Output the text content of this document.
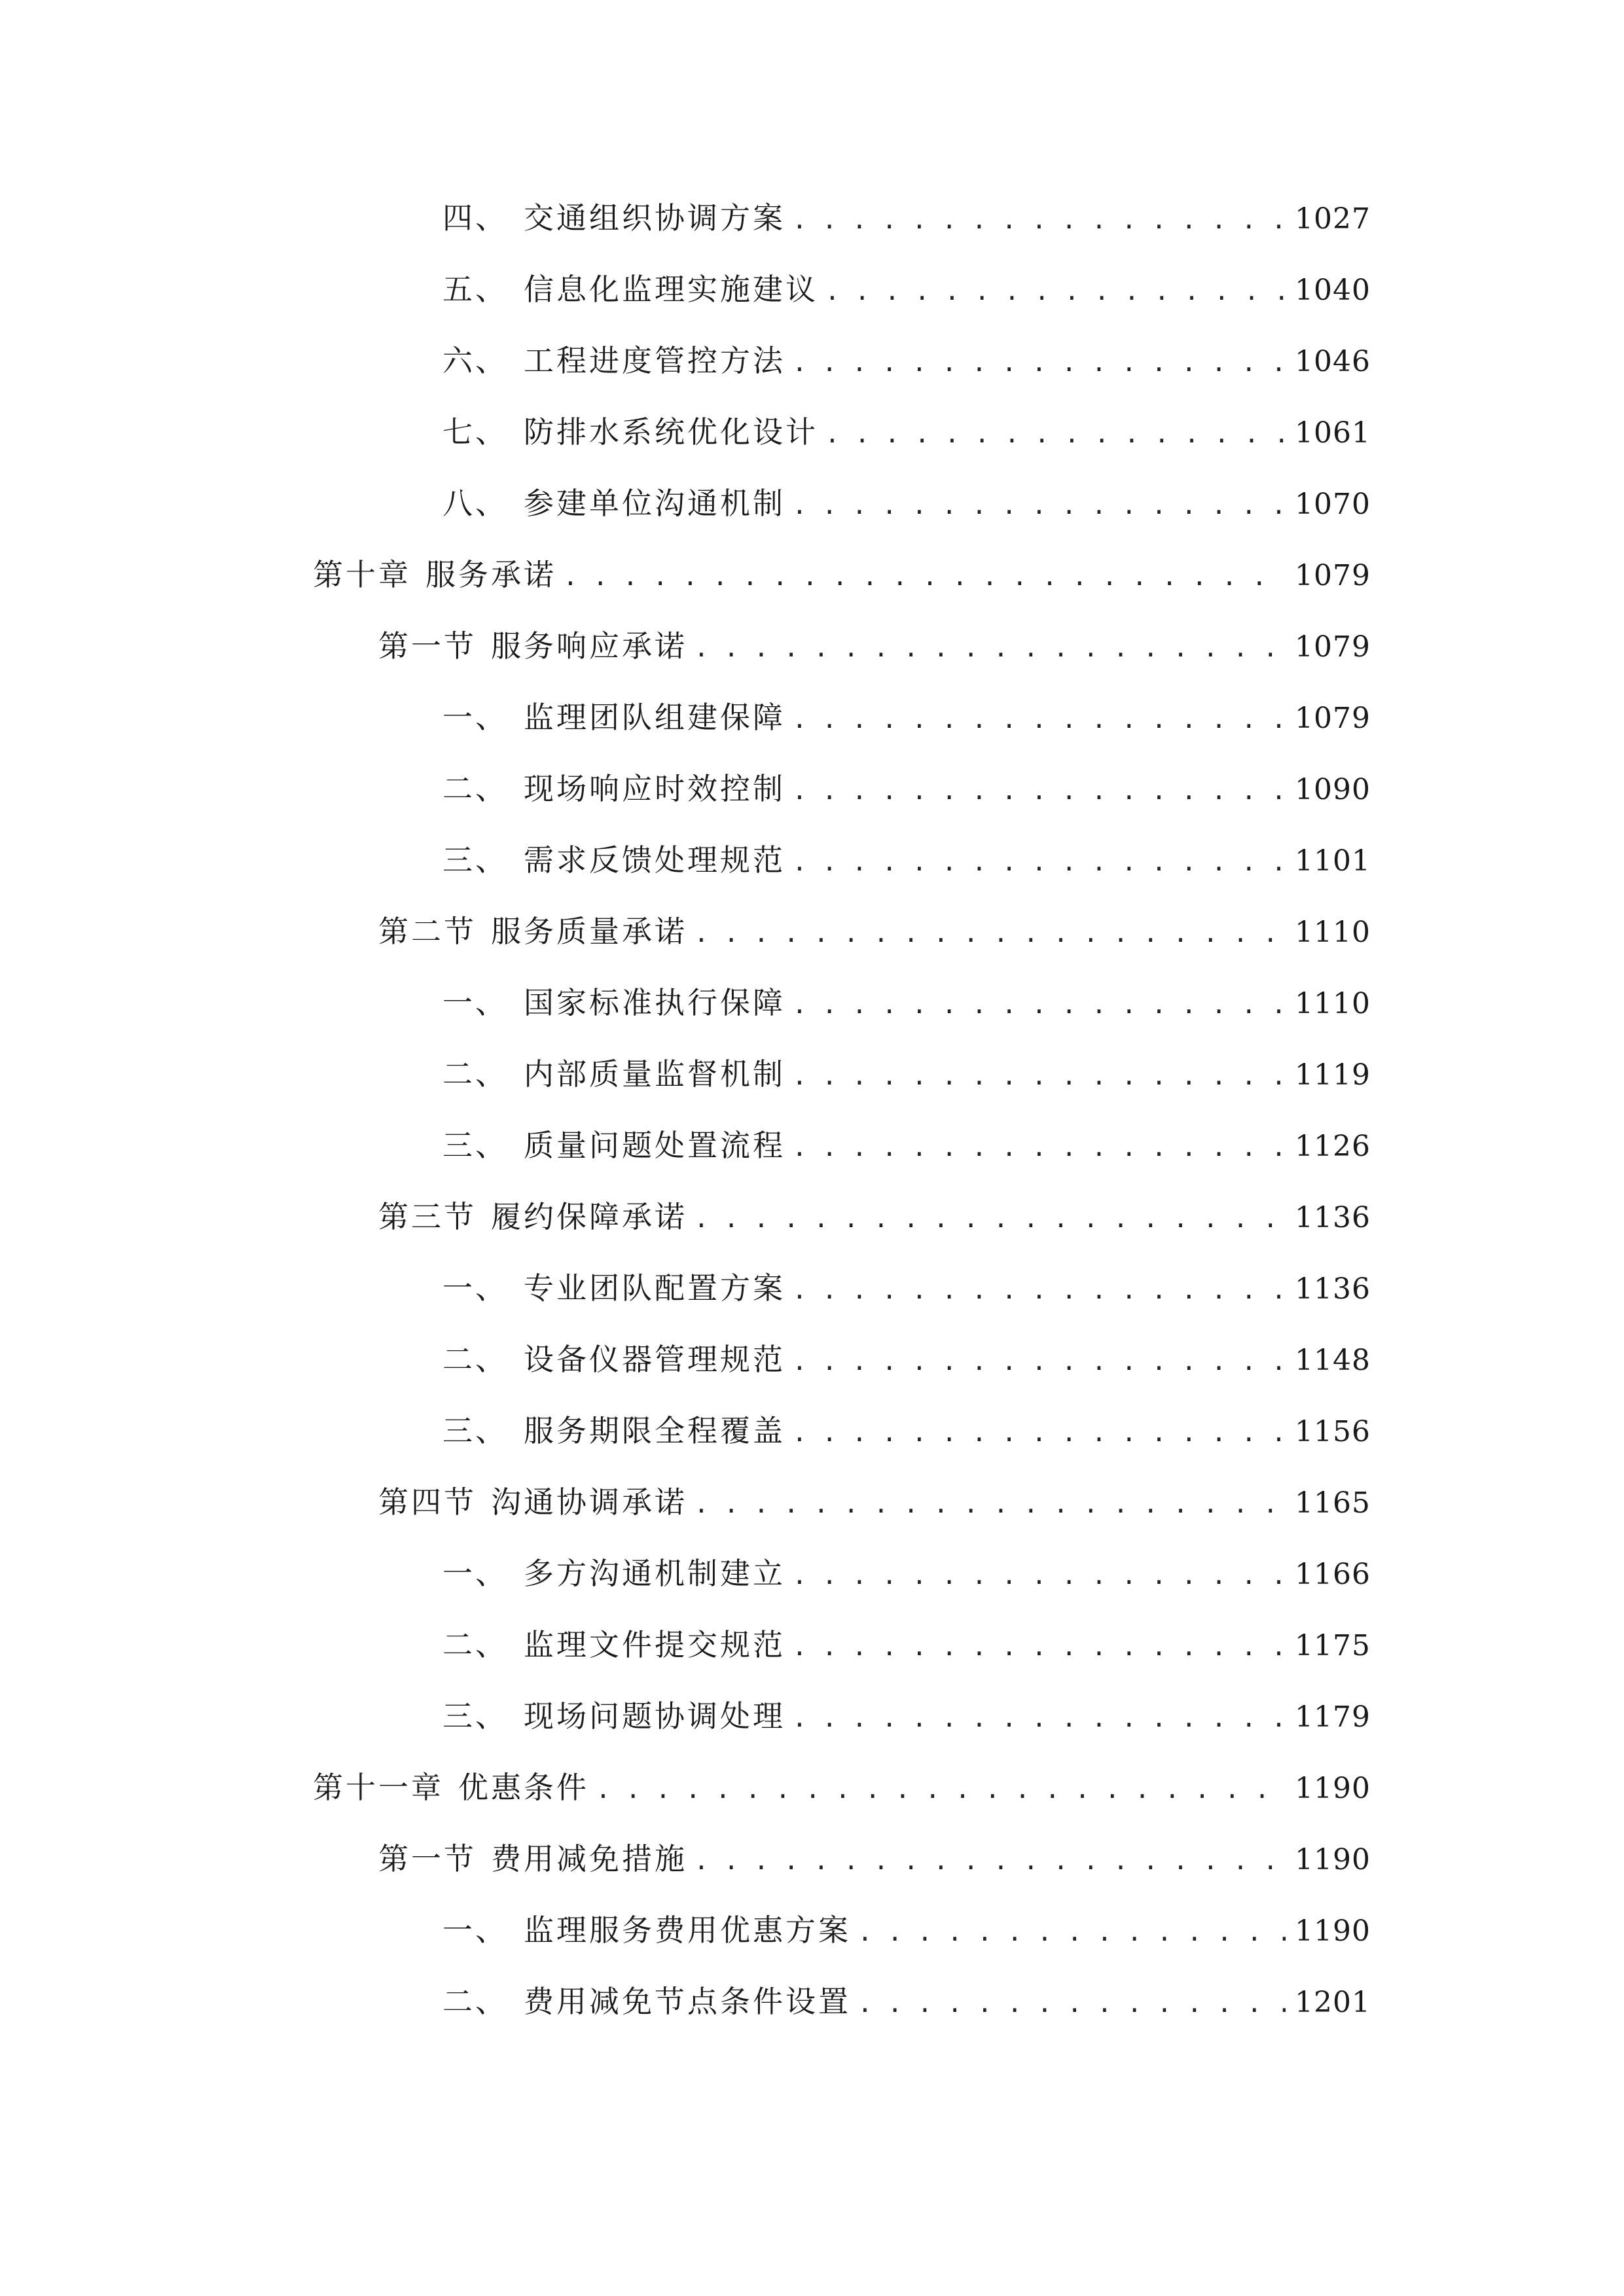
四、 交通组织协调方案 . . .	1027
五、 信息化监理实施建议 . . .	1040
六、 工程进度管控方法 . . .	1046
七、 防排水系统优化设计 . . .	1061
八、 参建单位沟通机制 . . .	1070
第十章 服务承诺 . . .	1079
第一节 服务响应承诺 . . .	1079
一、 监理团队组建保障 . . .	1079
二、 现场响应时效控制 . . .	1090
三、 需求反馈处理规范 . . .	1101
第二节 服务质量承诺 . . .	1110
一、 国家标准执行保障 . . .	1110
二、 内部质量监督机制 . . .	1119
三、 质量问题处置流程 . . .	1126
第三节 履约保障承诺 . . .	1136
一、 专业团队配置方案 . . .	1136
二、 设备仪器管理规范 . . .	1148
三、 服务期限全程覆盖 . . .	1156
第四节 沟通协调承诺 . . .	1165
一、 多方沟通机制建立 . . .	1166
二、 监理文件提交规范 . . .	1175
三、 现场问题协调处理 . . .	1179
第十一章 优惠条件 . . .	1190
第一节 费用减免措施 . . .	1190
一、 监理服务费用优惠方案 . . .	1190
二、 费用减免节点条件设置 . . .	1201
